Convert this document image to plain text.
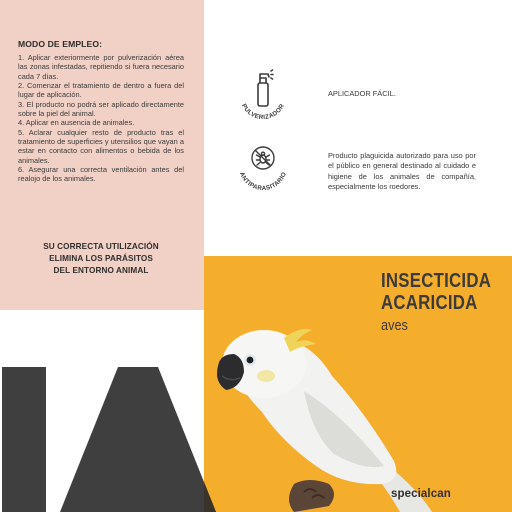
MODO DE EMPLEO:
1. Aplicar exteriormente por pulverización aérea las zonas infestadas, repitiendo si fuera necesario cada 7 días.
2. Comenzar el tratamiento de dentro a fuera del lugar de aplicación.
3. El producto no podrá ser aplicado directamente sobre la piel del animal.
4. Aplicar en ausencia de animales.
5. Aclarar cualquier resto de producto tras el tratamiento de superficies y utensilios que vayan a estar en contacto con alimentos o bebida de los animales.
6. Asegurar una correcta ventilación antes del realojo de los animales.
SU CORRECTA UTILIZACIÓN
ELIMINA LOS PARÁSITOS
DEL ENTORNO ANIMAL
PULVERIZADOR
APLICADOR FÁCIL.
ANTIPARASITARIO
Producto plaguicida autorizado para uso por el público en general destinado al cuidado e higiene de los animales de compañía, especialmente los roedores.
INSECTICIDA
ACARICIDA
aves
specialcan
